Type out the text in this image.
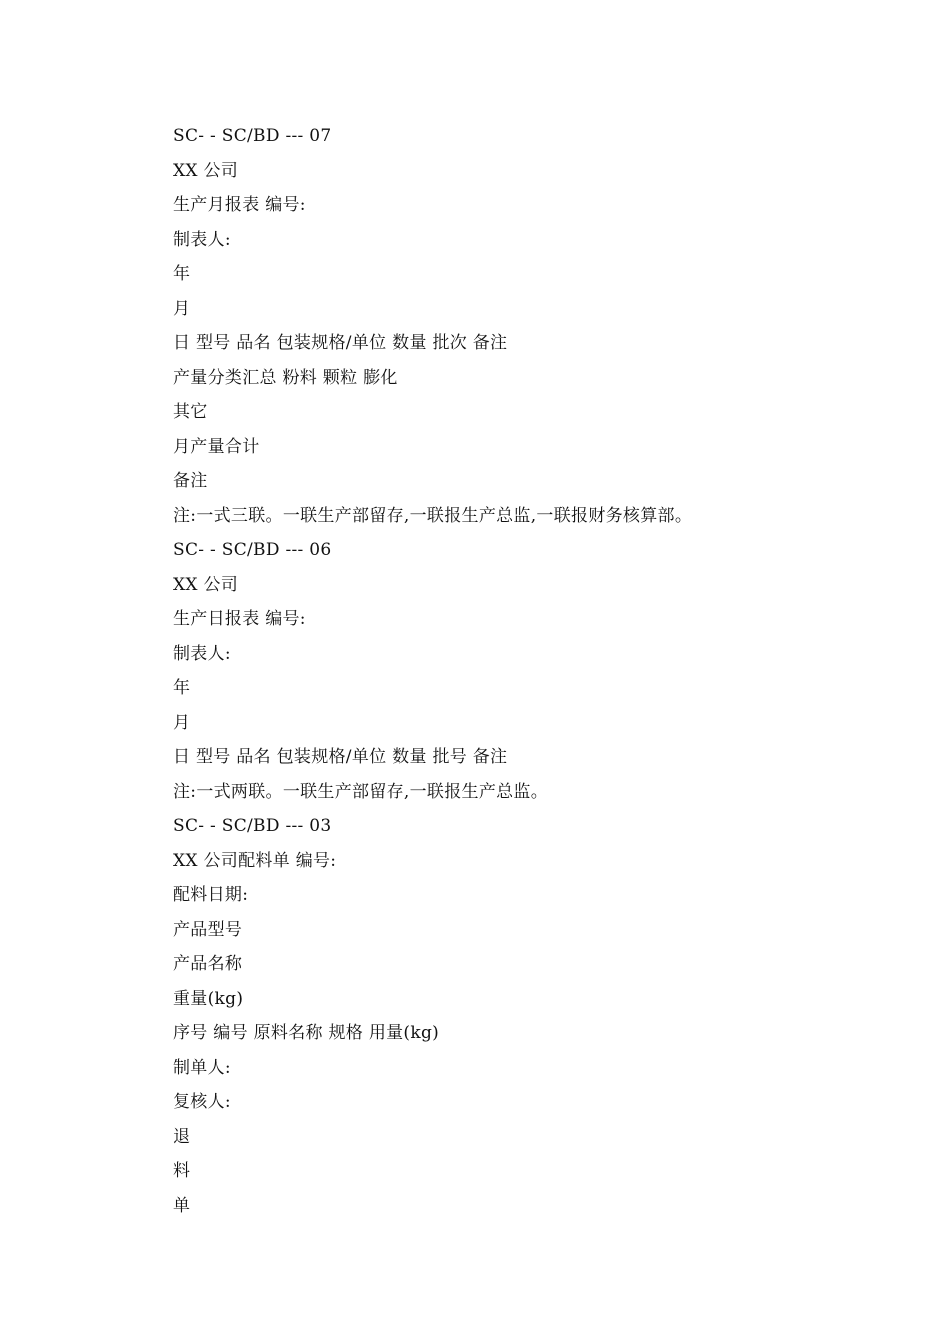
SC- - SC/BD --- 07
XX 公司
生产月报表 编号:
制表人:
年
月
日 型号 品名 包装规格/单位 数量 批次 备注
产量分类汇总 粉料 颗粒 膨化
其它
月产量合计
备注
注:一式三联。一联生产部留存,一联报生产总监,一联报财务核算部。
SC- - SC/BD --- 06
XX 公司
生产日报表 编号:
制表人:
年
月
日 型号 品名 包装规格/单位 数量 批号 备注
注:一式两联。一联生产部留存,一联报生产总监。
SC- - SC/BD --- 03
XX 公司配料单 编号:
配料日期:
产品型号
产品名称
重量(kg)
序号 编号 原料名称 规格 用量(kg)
制单人:
复核人:
退
料
单
